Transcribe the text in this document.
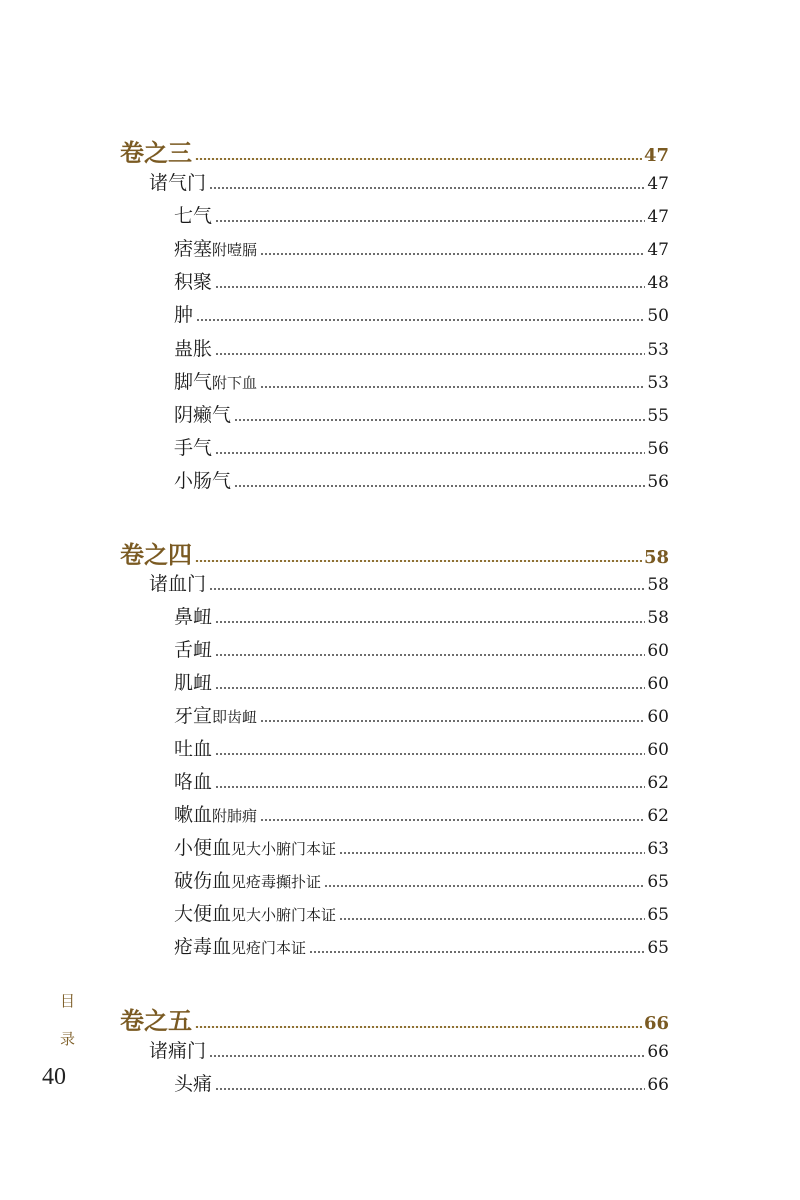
卷之三	47
诸气门	47
七气	47
痞塞 附噎膈	47
积聚	48
肿	50
蛊胀	53
脚气 附下血	53
阴癞气	55
手气	56
小肠气	56
卷之四	58
诸血门	58
鼻衄	58
舌衄	60
肌衄	60
牙宣 即齿衄	60
吐血	60
咯血	62
嗽血 附肺痈	62
小便血 见大小腑门本证	63
破伤血 见疮毒攧扑证	65
大便血 见大小腑门本证	65
疮毒血 见疮门本证	65
卷之五	66
诸痛门	66
头痛	66
目
录
40
